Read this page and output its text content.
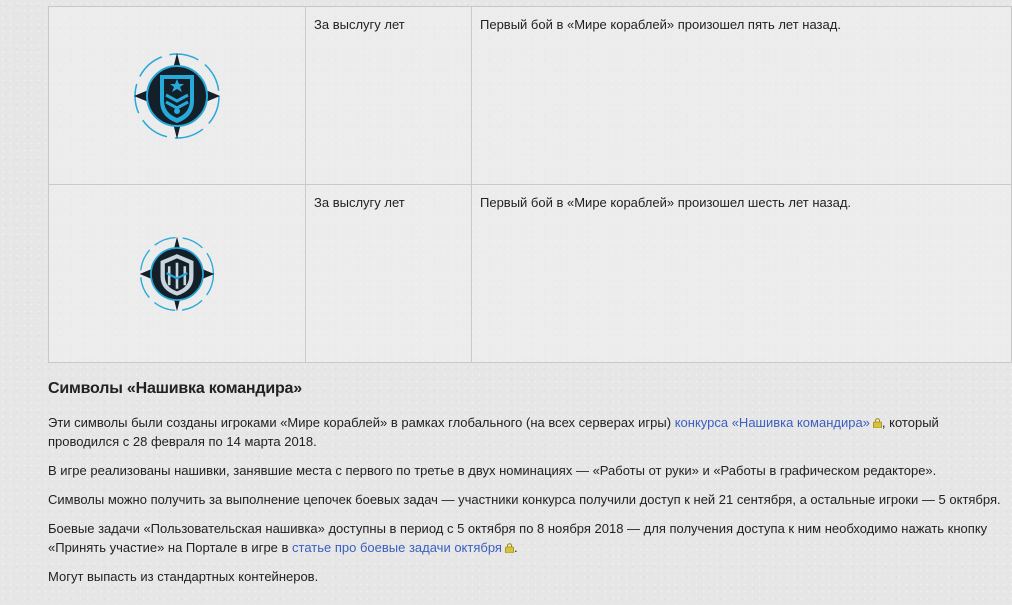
	За выслугу лет	Первый бой в «Мире кораблей» произошел пять лет назад.

	За выслугу лет	Первый бой в «Мире кораблей» произошел шесть лет назад.
Символы «Нашивка командира»

Эти символы были созданы игроками «Мире кораблей» в рамках глобального (на всех серверах игры) конкурса «Нашивка командира» , который проводился с 28 февраля по 14 марта 2018.

В игре реализованы нашивки, занявшие места с первого по третье в двух номинациях — «Работы от руки» и «Работы в графическом редакторе».

Символы можно получить за выполнение цепочек боевых задач — участники конкурса получили доступ к ней 21 сентября, а остальные игроки — 5 октября.

Боевые задачи «Пользовательская нашивка» доступны в период с 5 октября по 8 ноября 2018 — для получения доступа к ним необходимо нажать кнопку «Принять участие» на Портале в игре в статье про боевые задачи октября .

Могут выпасть из стандартных контейнеров.
